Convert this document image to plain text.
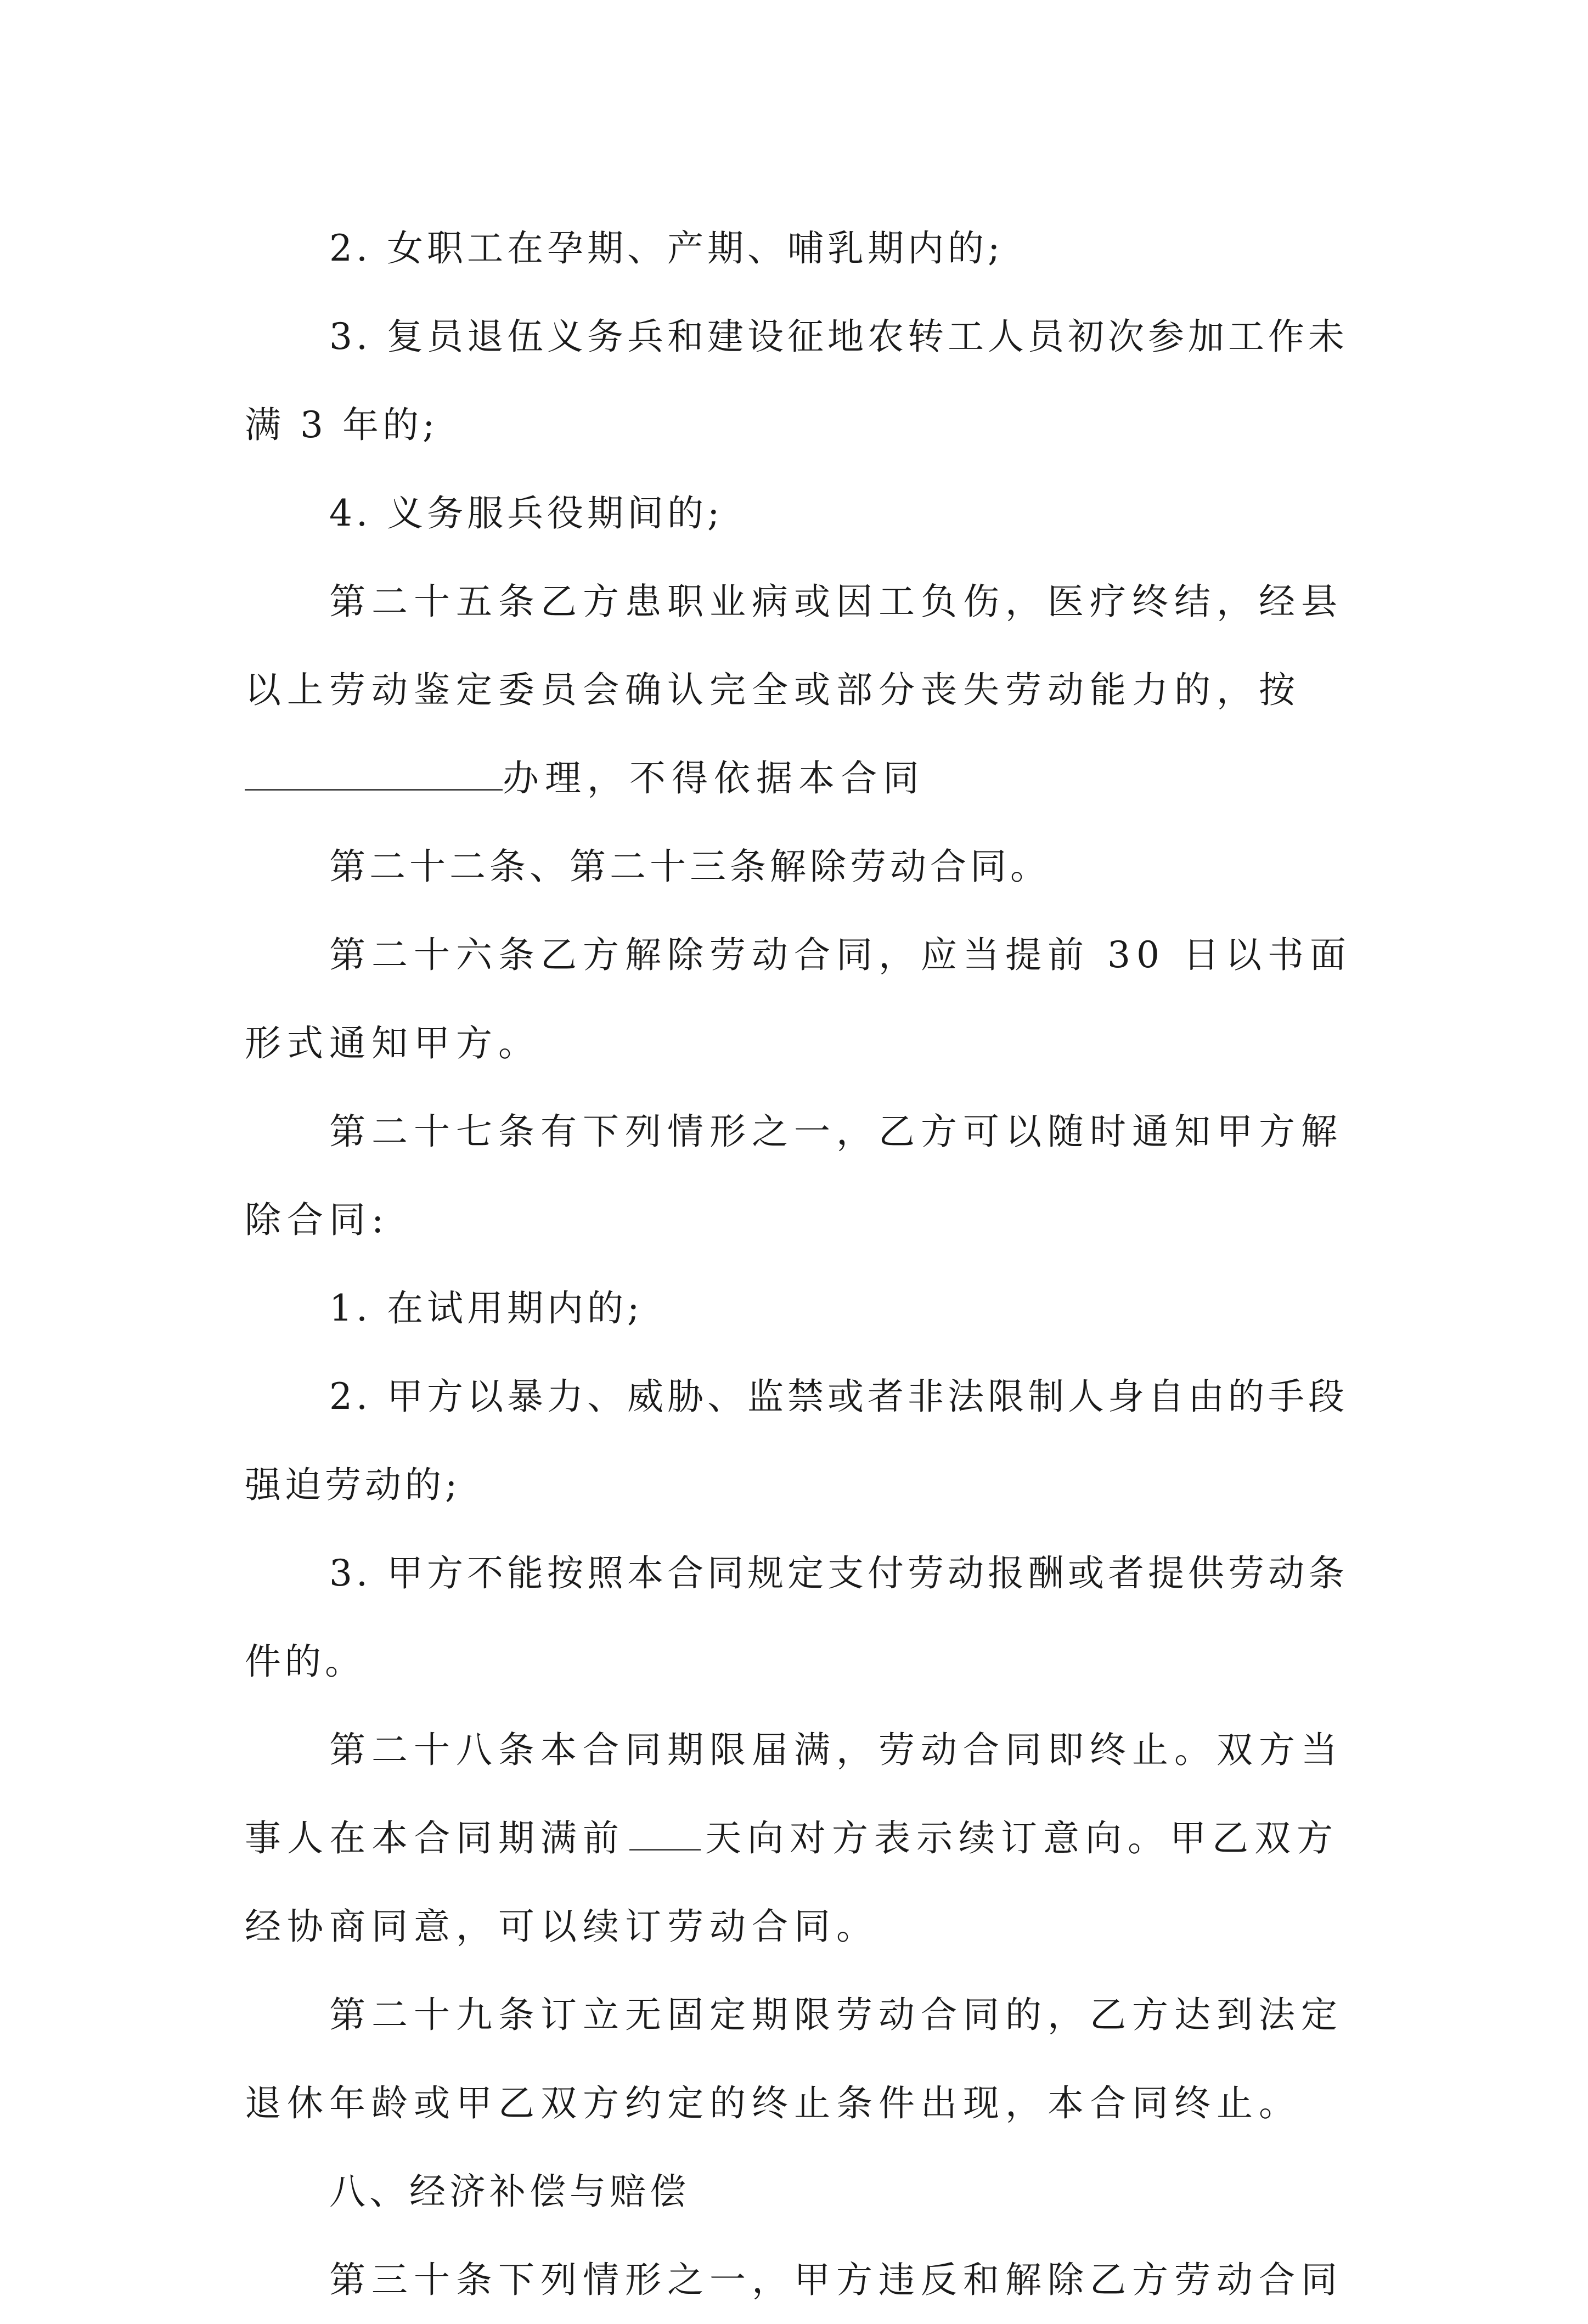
2. 女职工在孕期、产期、哺乳期内的;

3. 复员退伍义务兵和建设征地农转工人员初次参加工作未满 3 年的;

4. 义务服兵役期间的;

第二十五条乙方患职业病或因工负伤，医疗终结，经县以上劳动鉴定委员会确认完全或部分丧失劳动能力的，按办理，不得依据本合同

第二十二条、第二十三条解除劳动合同。

第二十六条乙方解除劳动合同，应当提前 30 日以书面形式通知甲方。

第二十七条有下列情形之一，乙方可以随时通知甲方解除合同:

1. 在试用期内的;

2. 甲方以暴力、威胁、监禁或者非法限制人身自由的手段强迫劳动的;

3. 甲方不能按照本合同规定支付劳动报酬或者提供劳动条件的。

第二十八条本合同期限届满，劳动合同即终止。双方当事人在本合同期满前 天向对方表示续订意向。甲乙双方经协商同意，可以续订劳动合同。

第二十九条订立无固定期限劳动合同的，乙方达到法定退休年龄或甲乙双方约定的终止条件出现，本合同终止。

八、经济补偿与赔偿

第三十条下列情形之一，甲方违反和解除乙方劳动合同
